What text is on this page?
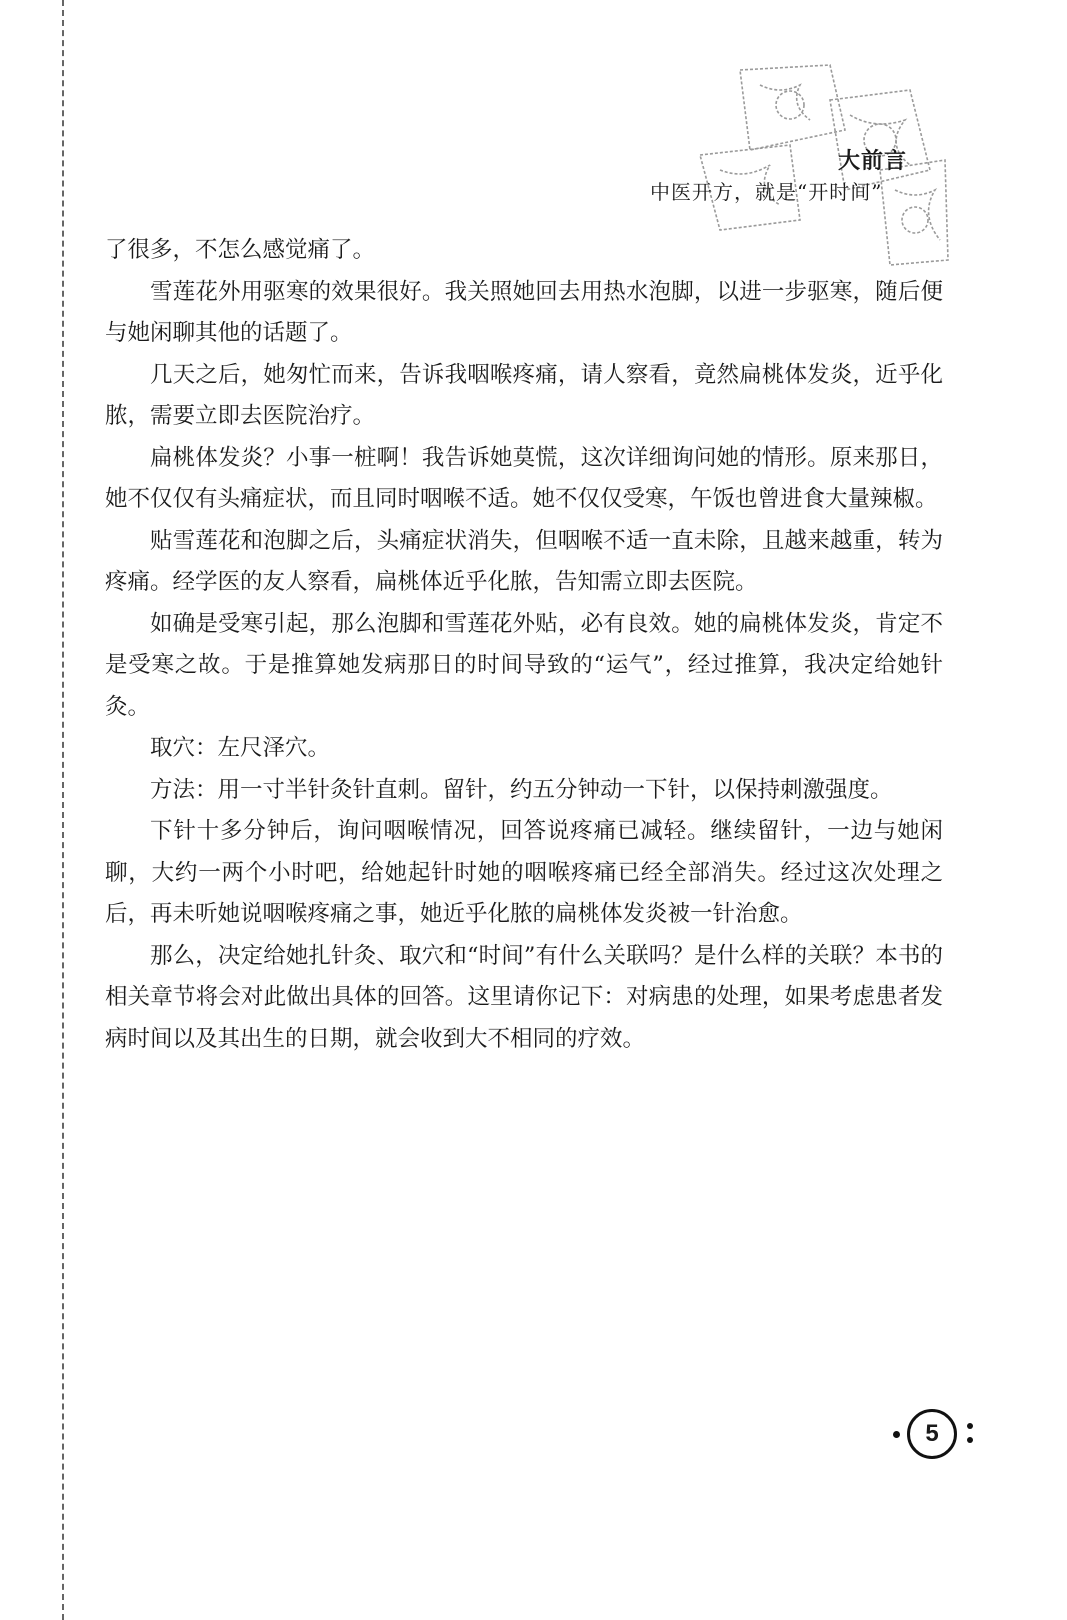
大前言
中医开方，就是“开时间”

了很多，不怎么感觉痛了。

雪莲花外用驱寒的效果很好。我关照她回去用热水泡脚，以进一步驱寒，随后便与她闲聊其他的话题了。

几天之后，她匆忙而来，告诉我咽喉疼痛，请人察看，竟然扁桃体发炎，近乎化脓，需要立即去医院治疗。

扁桃体发炎？小事一桩啊！我告诉她莫慌，这次详细询问她的情形。原来那日，她不仅仅有头痛症状，而且同时咽喉不适。她不仅仅受寒，午饭也曾进食大量辣椒。

贴雪莲花和泡脚之后，头痛症状消失，但咽喉不适一直未除，且越来越重，转为疼痛。经学医的友人察看，扁桃体近乎化脓，告知需立即去医院。

如确是受寒引起，那么泡脚和雪莲花外贴，必有良效。她的扁桃体发炎，肯定不是受寒之故。于是推算她发病那日的时间导致的“运气”，经过推算，我决定给她针灸。

取穴：左尺泽穴。

方法：用一寸半针灸针直刺。留针，约五分钟动一下针，以保持刺激强度。

下针十多分钟后，询问咽喉情况，回答说疼痛已减轻。继续留针，一边与她闲聊，大约一两个小时吧，给她起针时她的咽喉疼痛已经全部消失。经过这次处理之后，再未听她说咽喉疼痛之事，她近乎化脓的扁桃体发炎被一针治愈。

那么，决定给她扎针灸、取穴和“时间”有什么关联吗？是什么样的关联？本书的相关章节将会对此做出具体的回答。这里请你记下：对病患的处理，如果考虑患者发病时间以及其出生的日期，就会收到大不相同的疗效。

5
